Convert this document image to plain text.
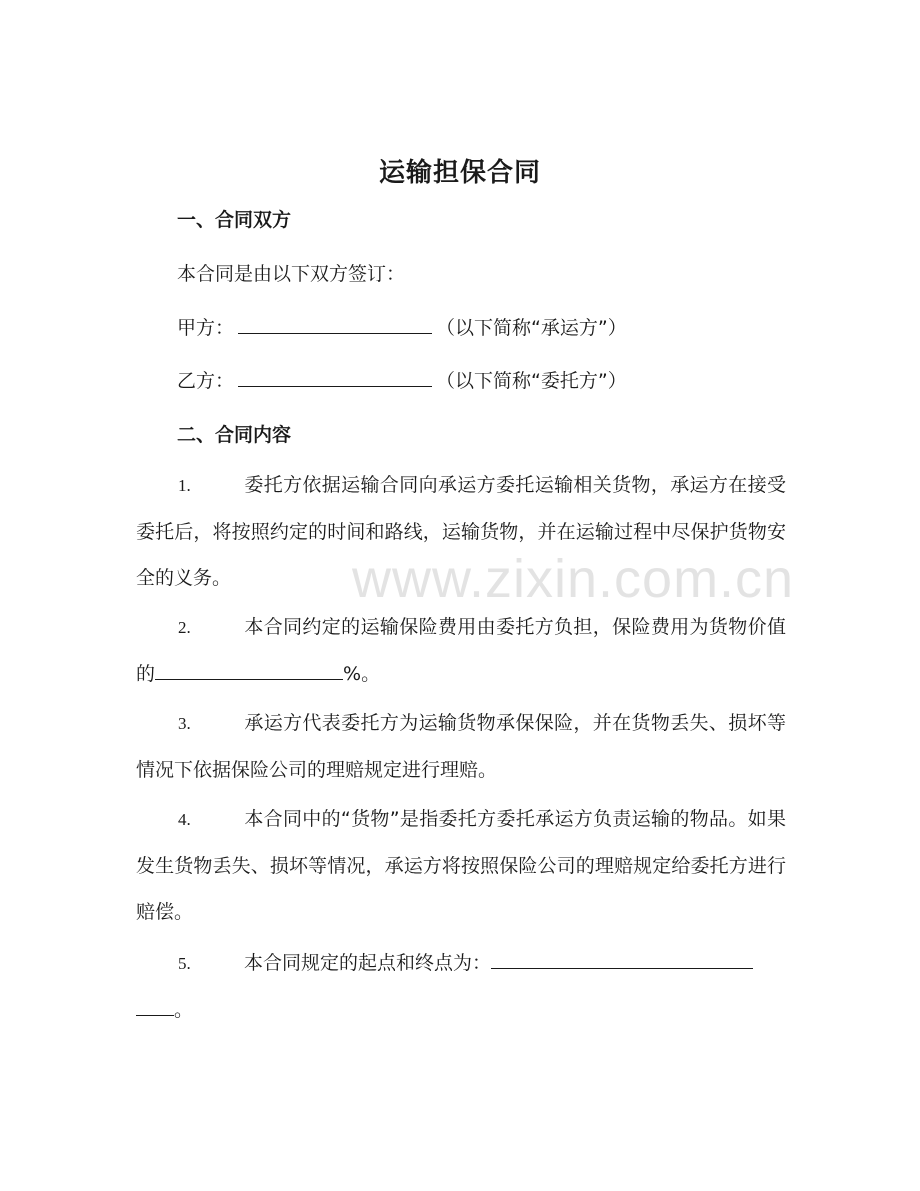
运输担保合同
一、合同双方

本合同是由以下双方签订：

甲方：	（以下简称“承运方”）

乙方：	（以下简称“委托方”）

二、合同内容

1.	委托方依据运输合同向承运方委托运输相关货物，承运方在接受委托后，将按照约定的时间和路线，运输货物，并在运输过程中尽保护货物安全的义务。

2.	本合同约定的运输保险费用由委托方负担，保险费用为货物价值的	%。

3.	承运方代表委托方为运输货物承保保险，并在货物丢失、损坏等情况下依据保险公司的理赔规定进行理赔。

4.	本合同中的“货物”是指委托方委托承运方负责运输的物品。如果发生货物丢失、损坏等情况，承运方将按照保险公司的理赔规定给委托方进行赔偿。

5.	本合同规定的起点和终点为：
。

www.zixin.com.cn
